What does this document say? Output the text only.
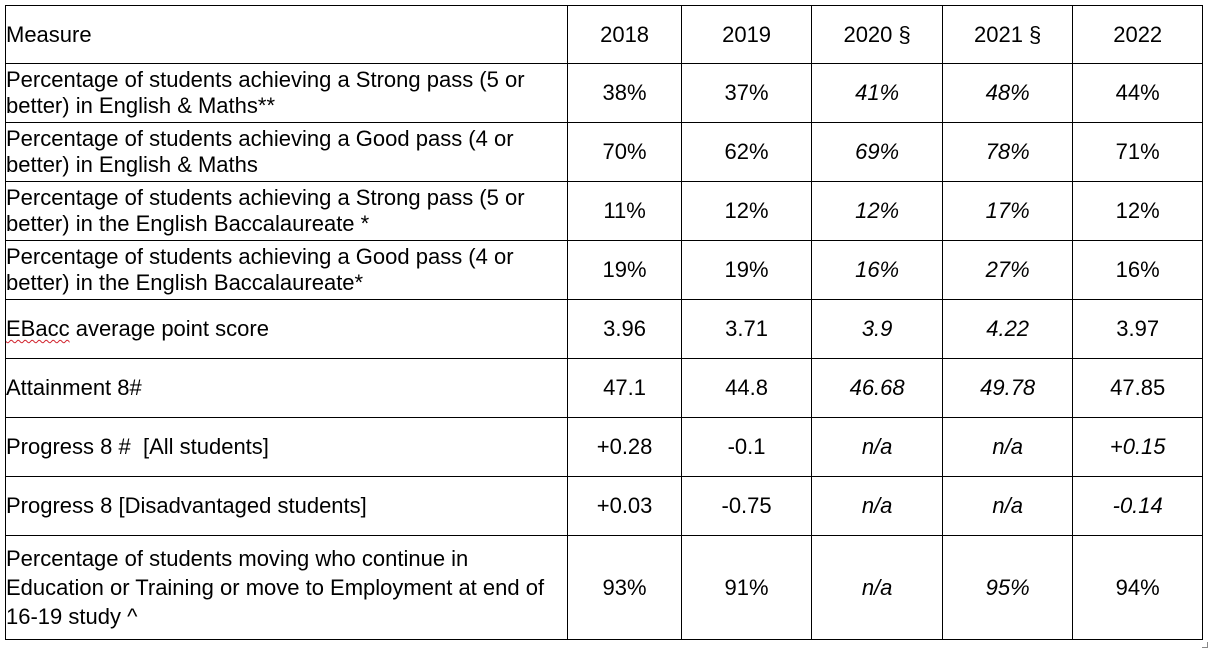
Measure	2018	2019	2020 §	2021 §	2022
Percentage of students achieving a Strong pass (5 or better) in English & Maths**	38%	37%	41%	48%	44%
Percentage of students achieving a Good pass (4 or better) in English & Maths	70%	62%	69%	78%	71%
Percentage of students achieving a Strong pass (5 or better) in the English Baccalaureate *	11%	12%	12%	17%	12%
Percentage of students achieving a Good pass (4 or better) in the English Baccalaureate*	19%	19%	16%	27%	16%
EBacc average point score	3.96	3.71	3.9	4.22	3.97
Attainment 8#	47.1	44.8	46.68	49.78	47.85
Progress 8 #  [All students]	+0.28	-0.1	n/a	n/a	+0.15
Progress 8 [Disadvantaged students]	+0.03	-0.75	n/a	n/a	-0.14
Percentage of students moving who continue in Education or Training or move to Employment at end of 16-19 study ^	93%	91%	n/a	95%	94%
